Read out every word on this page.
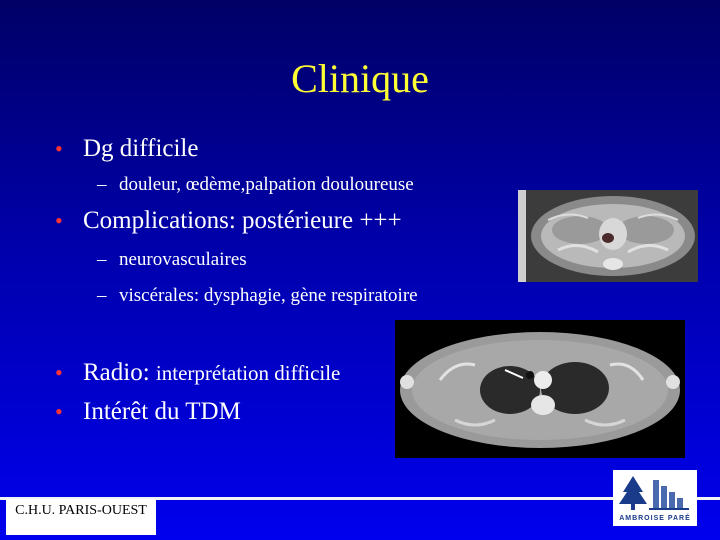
Clinique
• Dg difficile
– douleur, œdème,palpation douloureuse
• Complications: postérieure +++
– neurovasculaires
– viscérales: dysphagie, gène respiratoire
• Radio: interprétation difficile
• Intérêt du TDM
C.H.U. PARIS-OUEST
AMBROISE PARÉ
